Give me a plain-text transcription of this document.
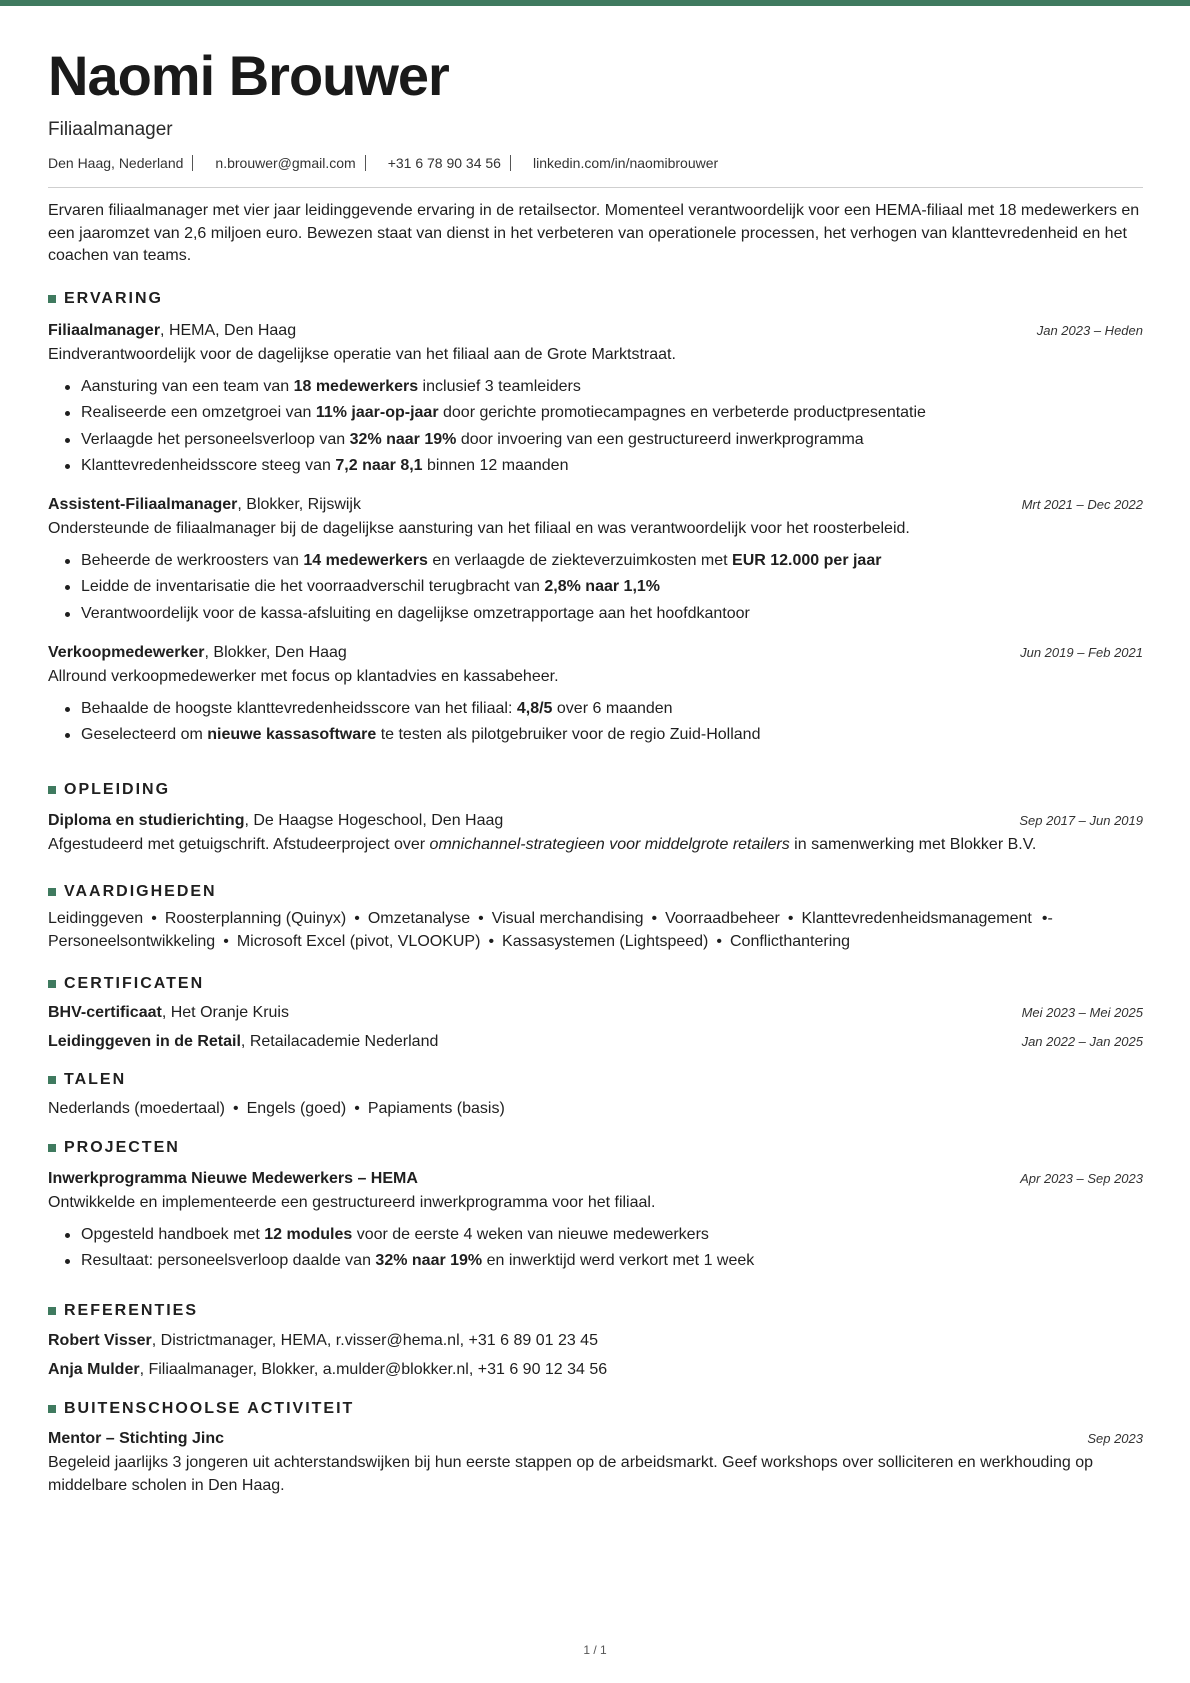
Naomi Brouwer
Filiaalmanager
Den Haag, Nederland n.brouwer@gmail.com +31 6 78 90 34 56 linkedin.com/in/naomibrouwer

Ervaren filiaalmanager met vier jaar leidinggevende ervaring in de retailsector. Momenteel verantwoordelijk voor een HEMA-filiaal met 18 medewerkers en een jaaromzet van 2,6 miljoen euro. Bewezen staat van dienst in het verbeteren van operationele processen, het verhogen van klanttevredenheid en het coachen van teams.

ERVARING
Filiaalmanager, HEMA, Den Haag	Jan 2023 – Heden
Eindverantwoordelijk voor de dagelijkse operatie van het filiaal aan de Grote Marktstraat.
Aansturing van een team van 18 medewerkers inclusief 3 teamleiders
Realiseerde een omzetgroei van 11% jaar-op-jaar door gerichte promotiecampagnes en verbeterde productpresentatie
Verlaagde het personeelsverloop van 32% naar 19% door invoering van een gestructureerd inwerkprogramma
Klanttevredenheidsscore steeg van 7,2 naar 8,1 binnen 12 maanden
Assistent-Filiaalmanager, Blokker, Rijswijk	Mrt 2021 – Dec 2022
Ondersteunde de filiaalmanager bij de dagelijkse aansturing van het filiaal en was verantwoordelijk voor het roosterbeleid.
Beheerde de werkroosters van 14 medewerkers en verlaagde de ziekteverzuimkosten met EUR 12.000 per jaar
Leidde de inventarisatie die het voorraadverschil terugbracht van 2,8% naar 1,1%
Verantwoordelijk voor de kassa-afsluiting en dagelijkse omzetrapportage aan het hoofdkantoor
Verkoopmedewerker, Blokker, Den Haag	Jun 2019 – Feb 2021
Allround verkoopmedewerker met focus op klantadvies en kassabeheer.
Behaalde de hoogste klanttevredenheidsscore van het filiaal: 4,8/5 over 6 maanden
Geselecteerd om nieuwe kassasoftware te testen als pilotgebruiker voor de regio Zuid-Holland
OPLEIDING
Diploma en studierichting, De Haagse Hogeschool, Den Haag	Sep 2017 – Jun 2019
Afgestudeerd met getuigschrift. Afstudeerproject over omnichannel-strategieen voor middelgrote retailers in samenwerking met Blokker B.V.
VAARDIGHEDEN
Leidinggeven • Roosterplanning (Quinyx) • Omzetanalyse • Visual merchandising • Voorraadbeheer • Klanttevredenheidsmanagement •-
Personeelsontwikkeling • Microsoft Excel (pivot, VLOOKUP) • Kassasystemen (Lightspeed) • Conflicthantering
CERTIFICATEN
BHV-certificaat, Het Oranje Kruis	Mei 2023 – Mei 2025
Leidinggeven in de Retail, Retailacademie Nederland	Jan 2022 – Jan 2025
TALEN
Nederlands (moedertaal) • Engels (goed) • Papiaments (basis)
PROJECTEN
Inwerkprogramma Nieuwe Medewerkers – HEMA	Apr 2023 – Sep 2023
Ontwikkelde en implementeerde een gestructureerd inwerkprogramma voor het filiaal.
Opgesteld handboek met 12 modules voor de eerste 4 weken van nieuwe medewerkers
Resultaat: personeelsverloop daalde van 32% naar 19% en inwerktijd werd verkort met 1 week
REFERENTIES
Robert Visser, Districtmanager, HEMA, r.visser@hema.nl, +31 6 89 01 23 45
Anja Mulder, Filiaalmanager, Blokker, a.mulder@blokker.nl, +31 6 90 12 34 56
BUITENSCHOOLSE ACTIVITEIT
Mentor – Stichting Jinc	Sep 2023
Begeleid jaarlijks 3 jongeren uit achterstandswijken bij hun eerste stappen op de arbeidsmarkt. Geef workshops over solliciteren en werkhouding op middelbare scholen in Den Haag.
1 / 1
